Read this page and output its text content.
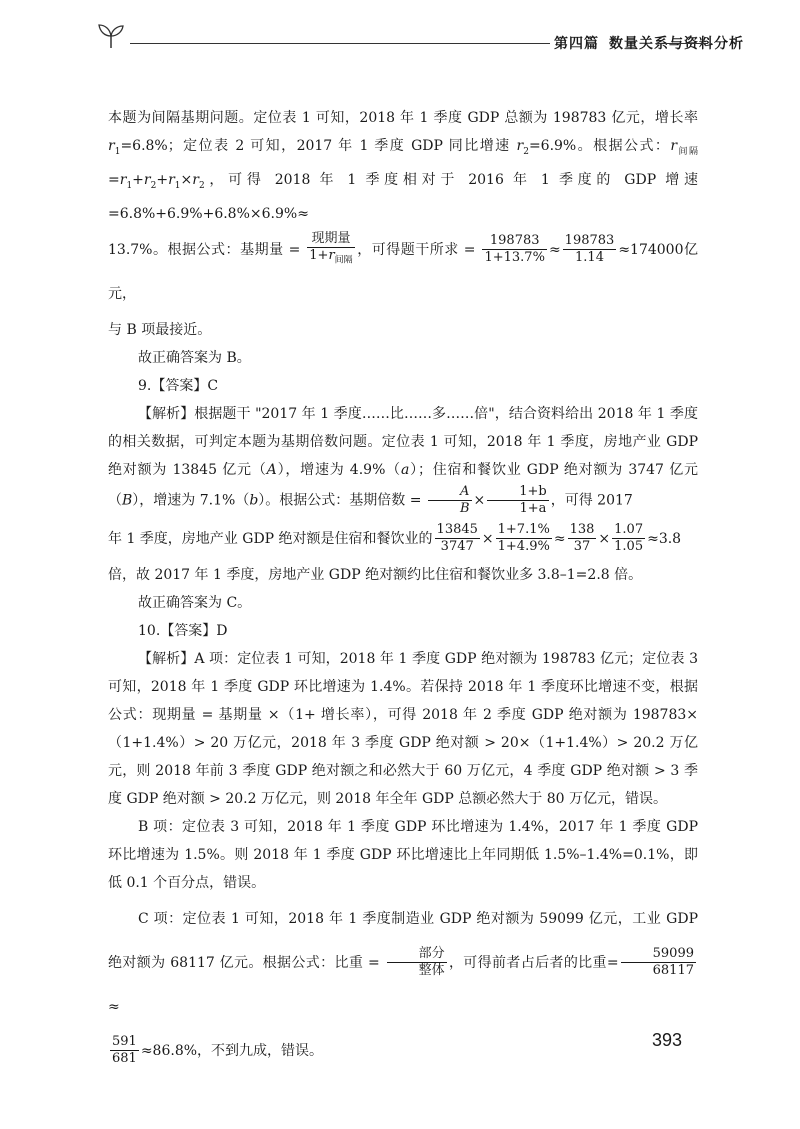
第四篇 数量关系与资料分析

本题为间隔基期问题。定位表 1 可知，2018 年 1 季度 GDP 总额为 198783 亿元，增长率 $r_1=6.8\%$；定位表 2 可知，2017 年 1 季度 GDP 同比增速 $r_2=6.9\%$。根据公式：$r_{间隔}=r_1+r_2+r_1\times r_2$，可得 2018 年 1 季度相对于 2016 年 1 季度的 GDP 增速 =6.8%+6.9%+6.8%×6.9%≈

13.7%。根据公式：基期量 =
现期量
$1+r_{间隔}$
，可得题干所求 = $\frac{198783}{1+13.7\%} \approx \frac{198783}{1.14} \approx 174000$亿元，

与 B 项最接近。

故正确答案为 B。

9.【答案】C

【解析】根据题干 "2017 年 1 季度……比……多……倍"，结合资料给出 2018 年 1 季度的相关数据，可判定本题为基期倍数问题。定位表 1 可知，2018 年 1 季度，房地产业 GDP 绝对额为 13845 亿元（A），增速为 4.9%（a）；住宿和餐饮业 GDP 绝对额为 3747 亿元（B），增速为 7.1%（b）。根据公式：基期倍数 = $\frac{A}{B} \times \frac{1+b}{1+a}$ ，可得 2017

年 1 季度，房地产业 GDP 绝对额是住宿和餐饮业的 $\frac{13845}{3747} \times \frac{1+7.1\%}{1+4.9\%} \approx \frac{138}{37} \times \frac{1.07}{1.05} \approx 3.8$

倍，故 2017 年 1 季度，房地产业 GDP 绝对额约比住宿和餐饮业多 3.8–1=2.8 倍。

故正确答案为 C。

10.【答案】D

【解析】A 项：定位表 1 可知，2018 年 1 季度 GDP 绝对额为 198783 亿元；定位表 3 可知，2018 年 1 季度 GDP 环比增速为 1.4%。若保持 2018 年 1 季度环比增速不变，根据公式：现期量 = 基期量 ×（1+ 增长率），可得 2018 年 2 季度 GDP 绝对额为 198783×（1+1.4%）> 20 万亿元，2018 年 3 季度 GDP 绝对额 > 20×（1+1.4%）> 20.2 万亿元，则 2018 年前 3 季度 GDP 绝对额之和必然大于 60 万亿元，4 季度 GDP 绝对额 > 3 季度 GDP 绝对额 > 20.2 万亿元，则 2018 年全年 GDP 总额必然大于 80 万亿元，错误。

B 项：定位表 3 可知，2018 年 1 季度 GDP 环比增速为 1.4%，2017 年 1 季度 GDP 环比增速为 1.5%。则 2018 年 1 季度 GDP 环比增速比上年同期低 1.5%–1.4%=0.1%，即低 0.1 个百分点，错误。

C 项：定位表 1 可知，2018 年 1 季度制造业 GDP 绝对额为 59099 亿元，工业 GDP 绝对额为 68117 亿元。根据公式：比重 =
部分
整体 ，可得前者占后者的比重= $\frac{59099}{68117}$
≈

$\frac{591}{681} \approx 86.8\%$，不到九成，错误。

393
